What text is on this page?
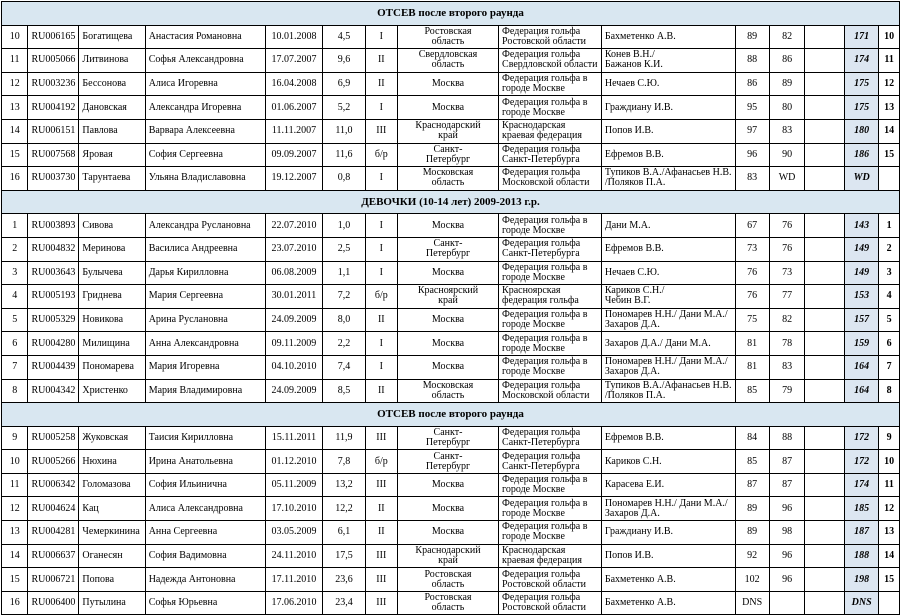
ОТСЕВ после второго раунда														
10	RU006165	Богатищева	Анастасия Романовна	10.01.2008	4,5	I	Ростовская
область	Федерация гольфа
Ростовской области	Бахметенко А.В.	89	82		171	10
11	RU005066	Литвинова	Софья Александровна	17.07.2007	9,6	II	Свердловская
область	Федерация гольфа
Свердловской области	Конев В.Н./
Бажанов К.И.	88	86		174	11
12	RU003236	Бессонова	Алиса Игоревна	16.04.2008	6,9	II	Москва	Федерация гольфа в
городе Москве	Нечаев С.Ю.	86	89		175	12
13	RU004192	Дановская	Александра Игоревна	01.06.2007	5,2	I	Москва	Федерация гольфа в
городе Москве	Граждиану И.В.	95	80		175	13
14	RU006151	Павлова	Варвара Алексеевна	11.11.2007	11,0	III	Краснодарский
край	Краснодарская
краевая федерация	Попов И.В.	97	83		180	14
15	RU007568	Яровая	София Сергеевна	09.09.2007	11,6	б/р	Санкт-
Петербург	Федерация гольфа
Санкт-Петербурга	Ефремов В.В.	96	90		186	15
16	RU003730	Тарунтаева	Ульяна Владиславовна	19.12.2007	0,8	I	Московская
область	Федерация гольфа
Московской области	Тупиков В.А./Афанасьев Н.В.
/Поляков П.А.	83	WD		WD	
ДЕВОЧКИ (10-14 лет) 2009-2013 г.р.														
1	RU003893	Сивова	Александра Руслановна	22.07.2010	1,0	I	Москва	Федерация гольфа в
городе Москве	Дани М.А.	67	76		143	1
2	RU004832	Меринова	Василиса Андреевна	23.07.2010	2,5	I	Санкт-
Петербург	Федерация гольфа
Санкт-Петербурга	Ефремов В.В.	73	76		149	2
3	RU003643	Булычева	Дарья Кирилловна	06.08.2009	1,1	I	Москва	Федерация гольфа в
городе Москве	Нечаев С.Ю.	76	73		149	3
4	RU005193	Гриднева	Мария Сергеевна	30.01.2011	7,2	б/р	Красноярский
край	Красноярская
федерация гольфа	Кариков С.Н./
Чебин В.Г.	76	77		153	4
5	RU005329	Новикова	Арина Руслановна	24.09.2009	8,0	II	Москва	Федерация гольфа в
городе Москве	Пономарев Н.Н./ Дани М.А./
Захаров Д.А.	75	82		157	5
6	RU004280	Милищина	Анна Александровна	09.11.2009	2,2	I	Москва	Федерация гольфа в
городе Москве	Захаров Д.А./ Дани М.А.	81	78		159	6
7	RU004439	Пономарева	Мария Игоревна	04.10.2010	7,4	I	Москва	Федерация гольфа в
городе Москве	Пономарев Н.Н./ Дани М.А./
Захаров Д.А.	81	83		164	7
8	RU004342	Христенко	Мария Владимировна	24.09.2009	8,5	II	Московская
область	Федерация гольфа
Московской области	Тупиков В.А./Афанасьев Н.В.
/Поляков П.А.	85	79		164	8
ОТСЕВ после второго раунда														
9	RU005258	Жуковская	Таисия Кирилловна	15.11.2011	11,9	III	Санкт-
Петербург	Федерация гольфа
Санкт-Петербурга	Ефремов В.В.	84	88		172	9
10	RU005266	Нюхина	Ирина Анатольевна	01.12.2010	7,8	б/р	Санкт-
Петербург	Федерация гольфа
Санкт-Петербурга	Кариков С.Н.	85	87		172	10
11	RU006342	Голомазова	София Ильинична	05.11.2009	13,2	III	Москва	Федерация гольфа в
городе Москве	Карасева Е.И.	87	87		174	11
12	RU004624	Кац	Алиса Александровна	17.10.2010	12,2	II	Москва	Федерация гольфа в
городе Москве	Пономарев Н.Н./ Дани М.А./
Захаров Д.А.	89	96		185	12
13	RU004281	Чемеркинина	Анна Сергеевна	03.05.2009	6,1	II	Москва	Федерация гольфа в
городе Москве	Граждиану И.В.	89	98		187	13
14	RU006637	Оганесян	София Вадимовна	24.11.2010	17,5	III	Краснодарский
край	Краснодарская
краевая федерация	Попов И.В.	92	96		188	14
15	RU006721	Попова	Надежда Антоновна	17.11.2010	23,6	III	Ростовская
область	Федерация гольфа
Ростовской области	Бахметенко А.В.	102	96		198	15
16	RU006400	Путылина	Софья Юрьевна	17.06.2010	23,4	III	Ростовская
область	Федерация гольфа
Ростовской области	Бахметенко А.В.	DNS			DNS	
